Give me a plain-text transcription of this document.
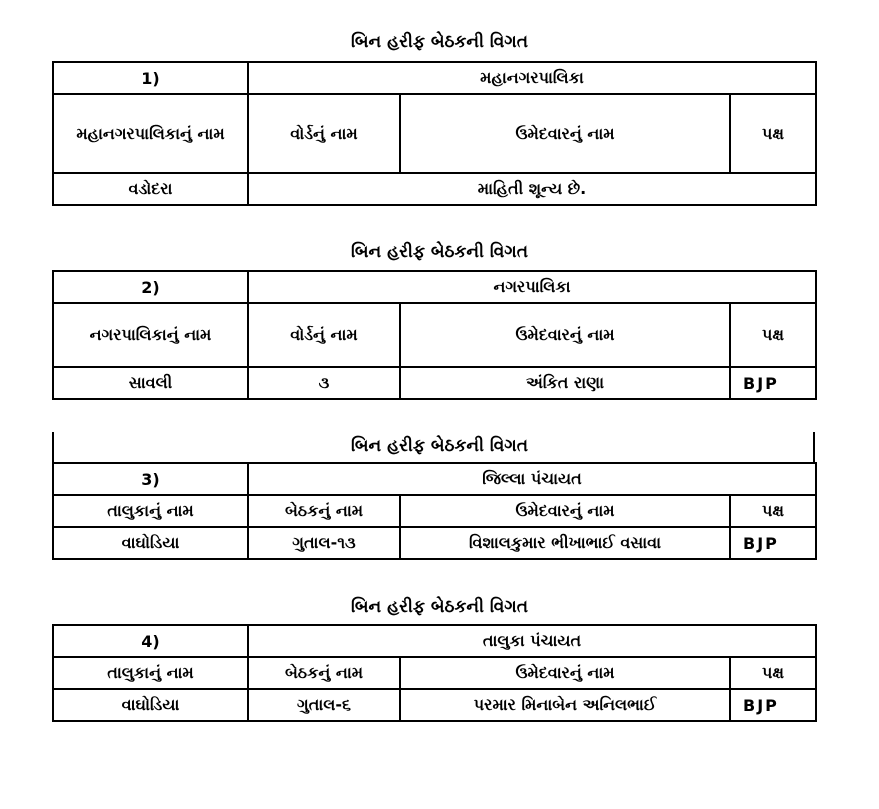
બિન હરીફ બેઠકની વિગત
1)	મહાનગરપાલિકા		
મહાનગરપાલિકાનું નામ	વોર્ડનું નામ	ઉમેદવારનું નામ	પક્ષ
વડોદરા	માહિતી શૂન્ય છે.		
બિન હરીફ બેઠકની વિગત
2)	નગરપાલિકા		
નગરપાલિકાનું નામ	વોર્ડનું નામ	ઉમેદવારનું નામ	પક્ષ
સાવલી	૩	અંકિત રાણા	BJP
બિન હરીફ બેઠકની વિગત
3)	જિલ્લા પંચાયત		
તાલુકાનું નામ	બેઠકનું નામ	ઉમેદવારનું નામ	પક્ષ
વાઘોડિયા	ગુતાલ-૧૩	વિશાલકુમાર ભીખાભાઈ વસાવા	BJP
બિન હરીફ બેઠકની વિગત
4)	તાલુકા પંચાયત		
તાલુકાનું નામ	બેઠકનું નામ	ઉમેદવારનું નામ	પક્ષ
વાઘોડિયા	ગુતાલ-૬	પરમાર મિનાબેન અનિલભાઈ	BJP
